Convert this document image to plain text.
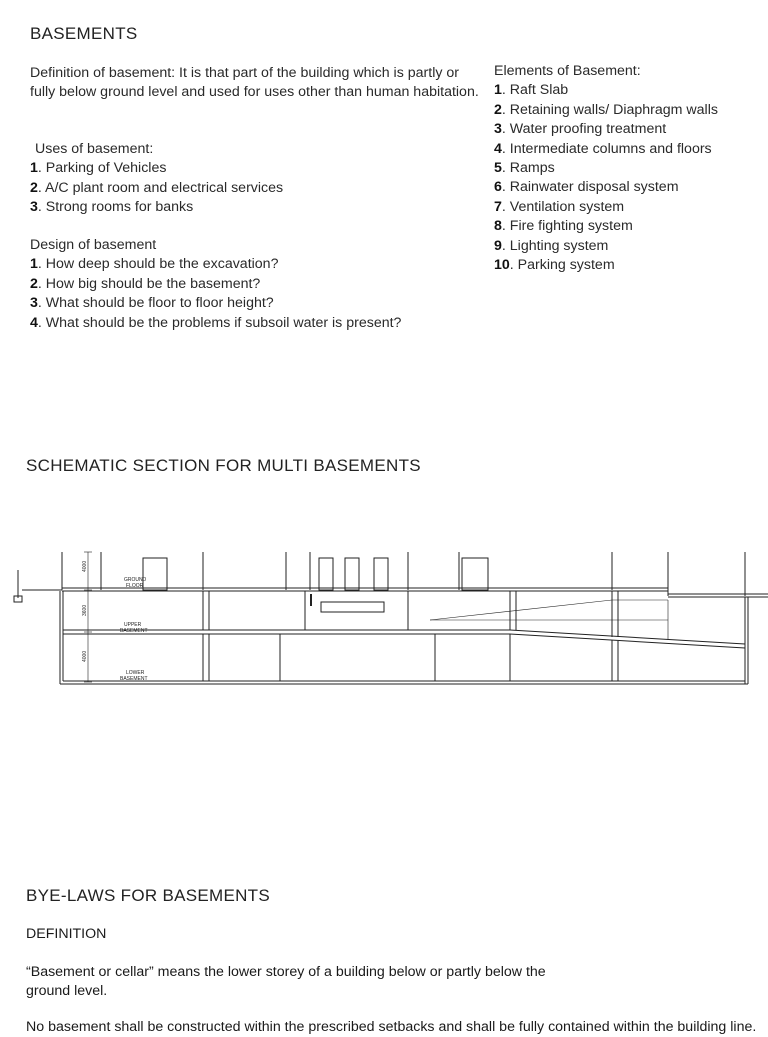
BASEMENTS
Definition of basement: It is that part of the building which is partly or fully below ground level and used for uses other than human habitation.
Uses of basement:
1. Parking of Vehicles
2. A/C plant room and electrical services
3. Strong rooms for banks
Design of basement
1. How deep should be the excavation?
2. How big should be the basement?
3. What should be floor to floor height?
4. What should be the problems if subsoil water is present?
Elements of Basement:
1. Raft Slab
2. Retaining walls/ Diaphragm walls
3. Water proofing treatment
4. Intermediate columns and floors
5. Ramps
6. Rainwater disposal system
7. Ventilation system
8. Fire fighting system
9. Lighting system
10. Parking system
SCHEMATIC SECTION FOR MULTI BASEMENTS
4000
3600
4000
GROUND
FLOOR
UPPER
BASEMENT
LOWER
BASEMENT
BYE-LAWS FOR BASEMENTS
DEFINITION
“Basement or cellar” means the lower storey of a building below or partly below the ground level.
No basement shall be constructed within the prescribed setbacks and shall be fully contained within the building line.
